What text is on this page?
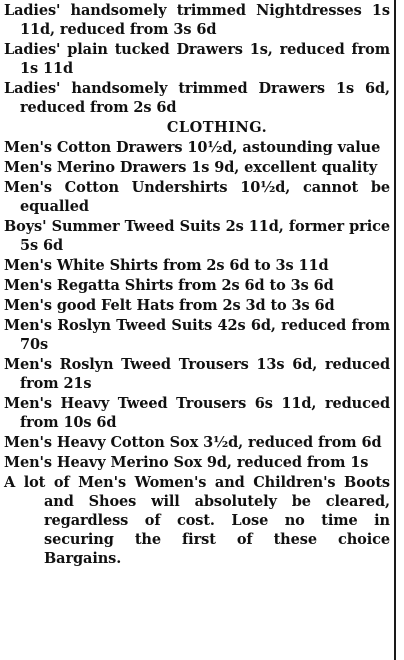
Ladies' handsomely trimmed Nightdresses 1s 11d, reduced from 3s 6d
Ladies' plain tucked Drawers 1s, reduced from 1s 11d
Ladies' handsomely trimmed Drawers 1s 6d, reduced from 2s 6d
CLOTHING.
Men's Cotton Drawers 10½d, astounding value
Men's Merino Drawers 1s 9d, excellent quality
Men's Cotton Undershirts 10½d, cannot be equalled
Boys' Summer Tweed Suits 2s 11d, former price 5s 6d
Men's White Shirts from 2s 6d to 3s 11d
Men's Regatta Shirts from 2s 6d to 3s 6d
Men's good Felt Hats from 2s 3d to 3s 6d
Men's Roslyn Tweed Suits 42s 6d, reduced from 70s
Men's Roslyn Tweed Trousers 13s 6d, reduced from 21s
Men's Heavy Tweed Trousers 6s 11d, reduced from 10s 6d
Men's Heavy Cotton Sox 3½d, reduced from 6d
Men's Heavy Merino Sox 9d, reduced from 1s
A lot of Men's Women's and Children's Boots and Shoes will absolutely be cleared, regardless of cost. Lose no time in securing the first of these choice Bargains.
